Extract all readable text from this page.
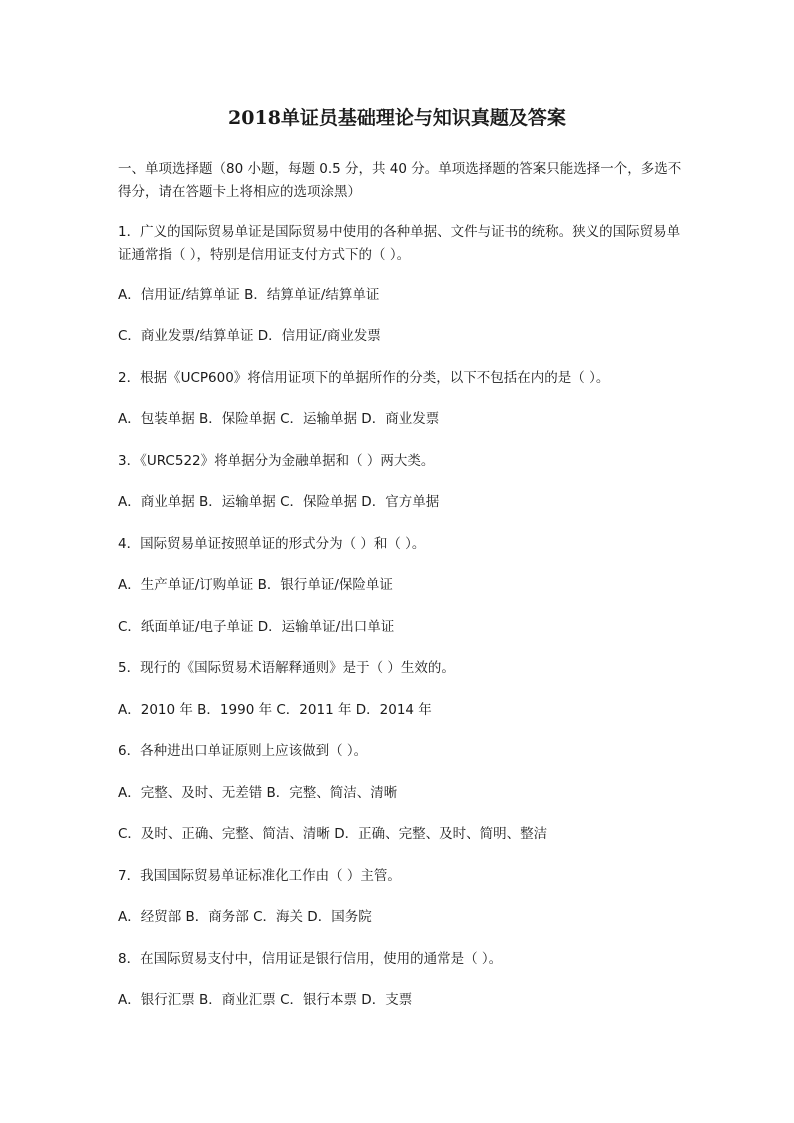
2018单证员基础理论与知识真题及答案

一、单项选择题（80 小题，每题 0.5 分，共 40 分。单项选择题的答案只能选择一个，多选不得分，请在答题卡上将相应的选项涂黑）

1．广义的国际贸易单证是国际贸易中使用的各种单据、文件与证书的统称。狭义的国际贸易单证通常指（ ），特别是信用证支付方式下的（ ）。

A．信用证/结算单证 B．结算单证/结算单证

C．商业发票/结算单证 D．信用证/商业发票

2．根据《UCP600》将信用证项下的单据所作的分类，以下不包括在内的是（ ）。

A．包装单据 B．保险单据 C．运输单据 D．商业发票

3．《URC522》将单据分为金融单据和（ ）两大类。

A．商业单据 B．运输单据 C．保险单据 D．官方单据

4．国际贸易单证按照单证的形式分为（ ）和（ ）。

A．生产单证/订购单证 B．银行单证/保险单证

C．纸面单证/电子单证 D．运输单证/出口单证

5．现行的《国际贸易术语解释通则》是于（ ）生效的。

A．2010 年 B．1990 年 C．2011 年 D．2014 年

6．各种进出口单证原则上应该做到（ ）。

A．完整、及时、无差错 B．完整、简洁、清晰

C．及时、正确、完整、简洁、清晰 D．正确、完整、及时、简明、整洁

7．我国国际贸易单证标准化工作由（ ）主管。

A．经贸部 B．商务部 C．海关 D．国务院

8．在国际贸易支付中，信用证是银行信用，使用的通常是（ ）。

A．银行汇票 B．商业汇票 C．银行本票 D．支票
